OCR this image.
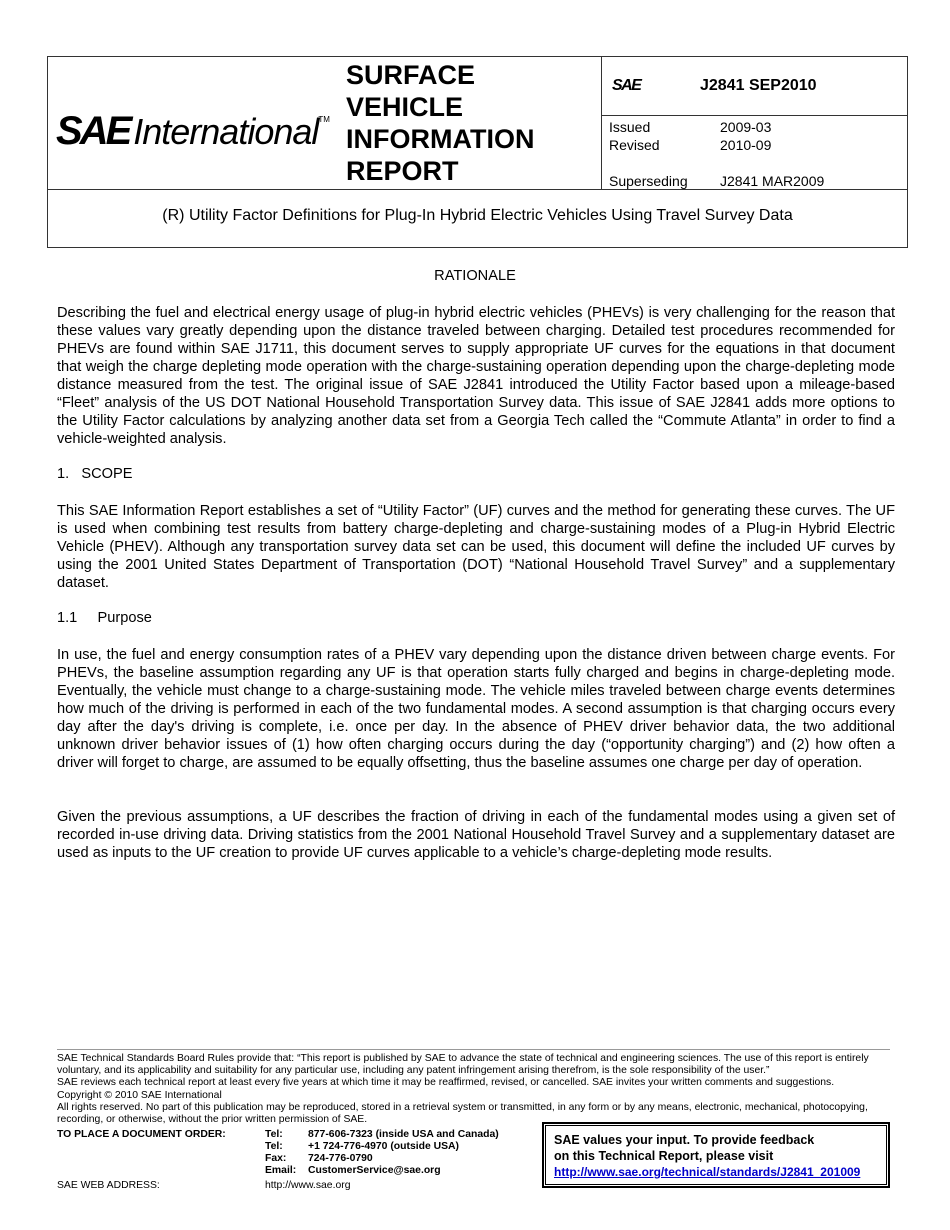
SAE International™
SURFACE
VEHICLE
INFORMATION
REPORT
SAE	J2841 SEP2010
Issued	2009-03
Revised	2010-09
Superseding	J2841 MAR2009
(R) Utility Factor Definitions for Plug-In Hybrid Electric Vehicles Using Travel Survey Data
RATIONALE
Describing the fuel and electrical energy usage of plug-in hybrid electric vehicles (PHEVs) is very challenging for the reason that these values vary greatly depending upon the distance traveled between charging. Detailed test procedures recommended for PHEVs are found within SAE J1711, this document serves to supply appropriate UF curves for the equations in that document that weigh the charge depleting mode operation with the charge-sustaining operation depending upon the charge-depleting mode distance measured from the test. The original issue of SAE J2841 introduced the Utility Factor based upon a mileage-based “Fleet” analysis of the US DOT National Household Transportation Survey data. This issue of SAE J2841 adds more options to the Utility Factor calculations by analyzing another data set from a Georgia Tech called the “Commute Atlanta” in order to find a vehicle-weighted analysis.
1.   SCOPE
This SAE Information Report establishes a set of “Utility Factor” (UF) curves and the method for generating these curves. The UF is used when combining test results from battery charge-depleting and charge-sustaining modes of a Plug-in Hybrid Electric Vehicle (PHEV). Although any transportation survey data set can be used, this document will define the included UF curves by using the 2001 United States Department of Transportation (DOT) “National Household Travel Survey” and a supplementary dataset.
1.1     Purpose
In use, the fuel and energy consumption rates of a PHEV vary depending upon the distance driven between charge events. For PHEVs, the baseline assumption regarding any UF is that operation starts fully charged and begins in charge-depleting mode. Eventually, the vehicle must change to a charge-sustaining mode. The vehicle miles traveled between charge events determines how much of the driving is performed in each of the two fundamental modes. A second assumption is that charging occurs every day after the day's driving is complete, i.e. once per day. In the absence of PHEV driver behavior data, the two additional unknown driver behavior issues of (1) how often charging occurs during the day (“opportunity charging”) and (2) how often a driver will forget to charge, are assumed to be equally offsetting, thus the baseline assumes one charge per day of operation.
Given the previous assumptions, a UF describes the fraction of driving in each of the fundamental modes using a given set of recorded in-use driving data. Driving statistics from the 2001 National Household Travel Survey and a supplementary dataset are used as inputs to the UF creation to provide UF curves applicable to a vehicle’s charge-depleting mode results.
SAE Technical Standards Board Rules provide that: “This report is published by SAE to advance the state of technical and engineering sciences. The use of this report is entirely voluntary, and its applicability and suitability for any particular use, including any patent infringement arising therefrom, is the sole responsibility of the user.”
SAE reviews each technical report at least every five years at which time it may be reaffirmed, revised, or cancelled. SAE invites your written comments and suggestions.
Copyright © 2010 SAE International
All rights reserved. No part of this publication may be reproduced, stored in a retrieval system or transmitted, in any form or by any means, electronic, mechanical, photocopying, recording, or otherwise, without the prior written permission of SAE.
TO PLACE A DOCUMENT ORDER:	Tel:	877-606-7323 (inside USA and Canada)
Tel:	+1 724-776-4970 (outside USA)
Fax:	724-776-0790
Email:	CustomerService@sae.org
SAE WEB ADDRESS:	http://www.sae.org
SAE values your input. To provide feedback
on this Technical Report, please visit
http://www.sae.org/technical/standards/J2841_201009
